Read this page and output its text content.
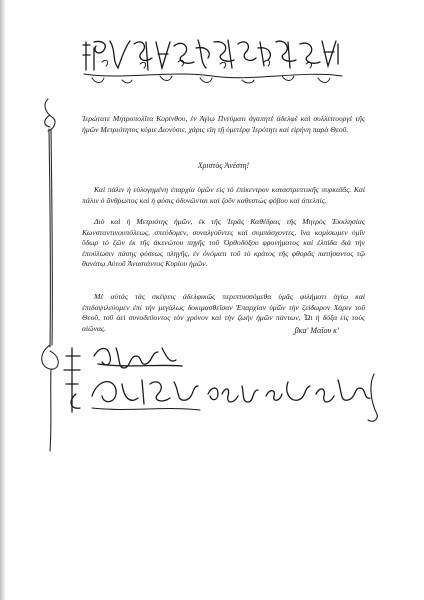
Ἱερώτατε Μητροπολῖτα Κορίνθου, ἐν Ἁγίῳ Πνεύματι ἀγαπητὲ ἀδελφὲ καὶ συλλειτουργὲ τῆς ἡμῶν Μετριότητος κύριε Διονύσιε, χάρις εἴη τῇ ὑμετέρᾳ Ἱερότητι καὶ εἰρήνη παρὰ Θεοῦ.

Χριστὸς Ἀνέστη!

Καὶ πάλιν ἡ εὐλογημένη ἐπαρχία ὑμῶν εἰς τὸ ἐπίκεντρον καταστρεπτικῆς πυρκαϊᾶς. Καὶ πάλιν ὁ ἄνθρωπος καὶ ἡ φύσις ὀδυνῶνται καὶ ζοῦν καθεστὼς φόβου καὶ ἀπελπίς.

Διὸ καὶ ἡ Μετριότης ἡμῶν, ἐκ τῆς Ἱερᾶς Καθέδρας τῆς Μητρὸς Ἐκκλησίας Κωνσταντινουπόλεως, σπεύδομεν, συναλγοῦντες καὶ συμπάσχοντες, ἵνα κομίσωμεν ὑμῖν ὕδωρ τὸ ζῶν ἐκ τῆς ἀκενώτου πηγῆς τοῦ Ὀρθοδόξου φρονήματος καὶ ἐλπίδα διὰ τὴν ἐπούλωσιν πάσης φύσεως πληγῆς, ἐν ὀνόματι τοῦ τὸ κράτος τῆς φθορᾶς πατήσαντος τῷ θανάτῳ Αὐτοῦ Ἀναστάντος Κυρίου ἡμῶν.

Μὲ αὐτὰς τὰς σκέψεις ἀδελφικῶς περιπτυσσόμεθα ὑμᾶς φιλήματι ἁγίῳ καὶ ἐπιδαψιλεύομεν ἐπὶ τὴν μεγάλως δοκιμασθεῖσαν Ἐπαρχίαν ὑμῶν τὴν ζείδωρον Χάριν τοῦ Θεοῦ, τοῦ ἀεὶ συνοδεύοντος τὸν χρόνον καὶ τὴν ζωὴν ἡμῶν πάντων, Ὧι ἡ δόξα εἰς τοὺς αἰῶνας.	͵βκα' Μαΐου κ'
